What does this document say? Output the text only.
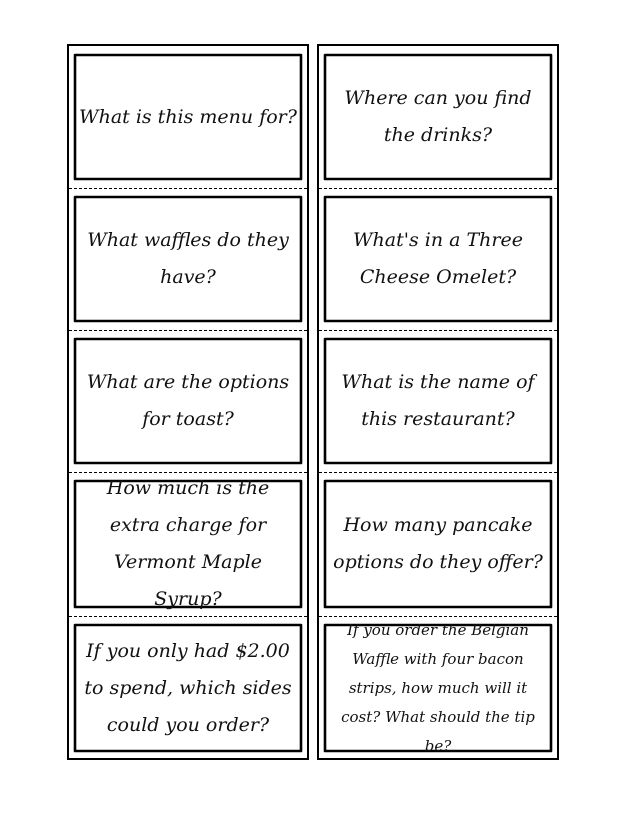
What is this menu for?
What waffles do they have?
What are the options for toast?
How much is the extra charge for Vermont Maple Syrup?
If you only had $2.00 to spend, which sides could you order?
Where can you find the drinks?
What's in a Three Cheese Omelet?
What is the name of this restaurant?
How many pancake options do they offer?
If you order the Belgian Waffle with four bacon strips, how much will it cost? What should the tip be?
